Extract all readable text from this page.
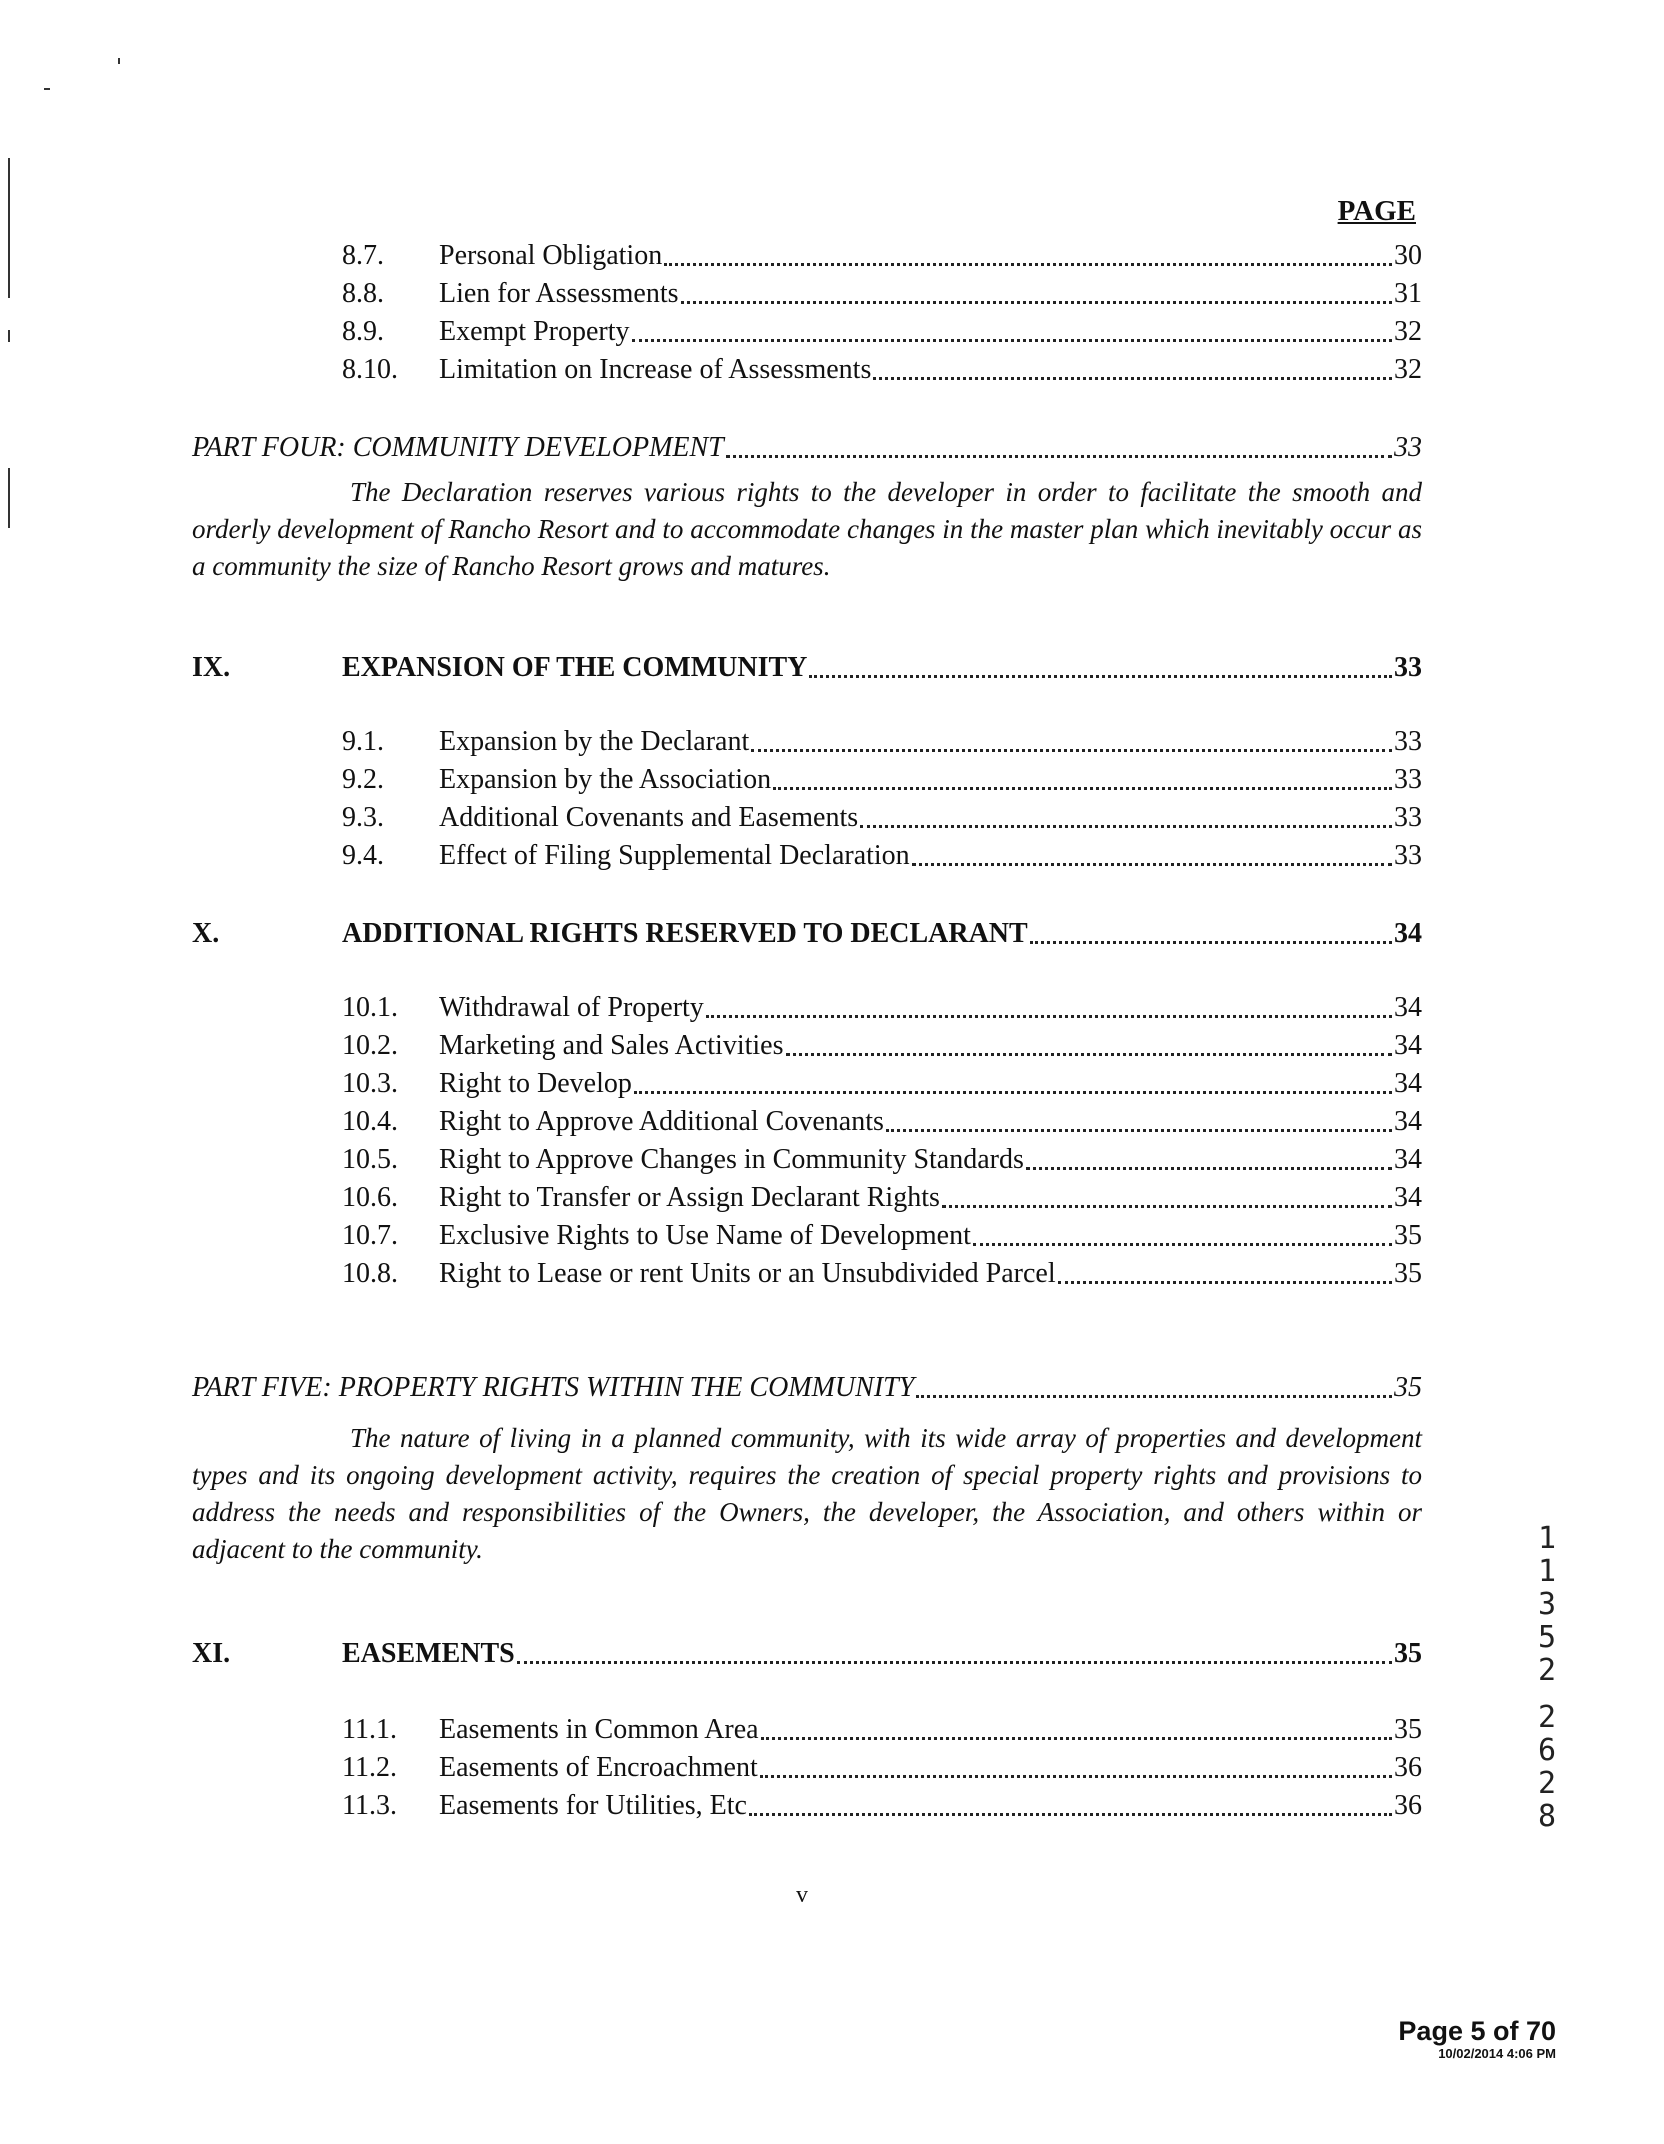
PAGE
8.7.	Personal Obligation	30
8.8.	Lien for Assessments	31
8.9.	Exempt Property	32
8.10.	Limitation on Increase of Assessments	32
PART FOUR: COMMUNITY DEVELOPMENT	33
IX.	EXPANSION OF THE COMMUNITY	33
9.1.	Expansion by the Declarant	33
9.2.	Expansion by the Association	33
9.3.	Additional Covenants and Easements	33
9.4.	Effect of Filing Supplemental Declaration	33
X.	ADDITIONAL RIGHTS RESERVED TO DECLARANT	34
10.1.	Withdrawal of Property	34
10.2.	Marketing and Sales Activities	34
10.3.	Right to Develop	34
10.4.	Right to Approve Additional Covenants	34
10.5.	Right to Approve Changes in Community Standards	34
10.6.	Right to Transfer or Assign Declarant Rights	34
10.7.	Exclusive Rights to Use Name of Development	35
10.8.	Right to Lease or rent Units or an Unsubdivided Parcel	35
PART FIVE: PROPERTY RIGHTS WITHIN THE COMMUNITY	35
XI.	EASEMENTS	35
11.1.	Easements in Common Area	35
11.2.	Easements of Encroachment	36
11.3.	Easements for Utilities, Etc	36

The Declaration reserves various rights to the developer in order to facilitate the smooth and orderly development of Rancho Resort and to accommodate changes in the master plan which inevitably occur as a community the size of Rancho Resort grows and matures.

The nature of living in a planned community, with its wide array of properties and development types and its ongoing development activity, requires the creation of special property rights and provisions to address the needs and responsibilities of the Owners, the developer, the Association, and others within or adjacent to the community.

v
Page 5 of 70
10/02/2014 4:06 PM
1
1
3
5
2
2
6
2
8
